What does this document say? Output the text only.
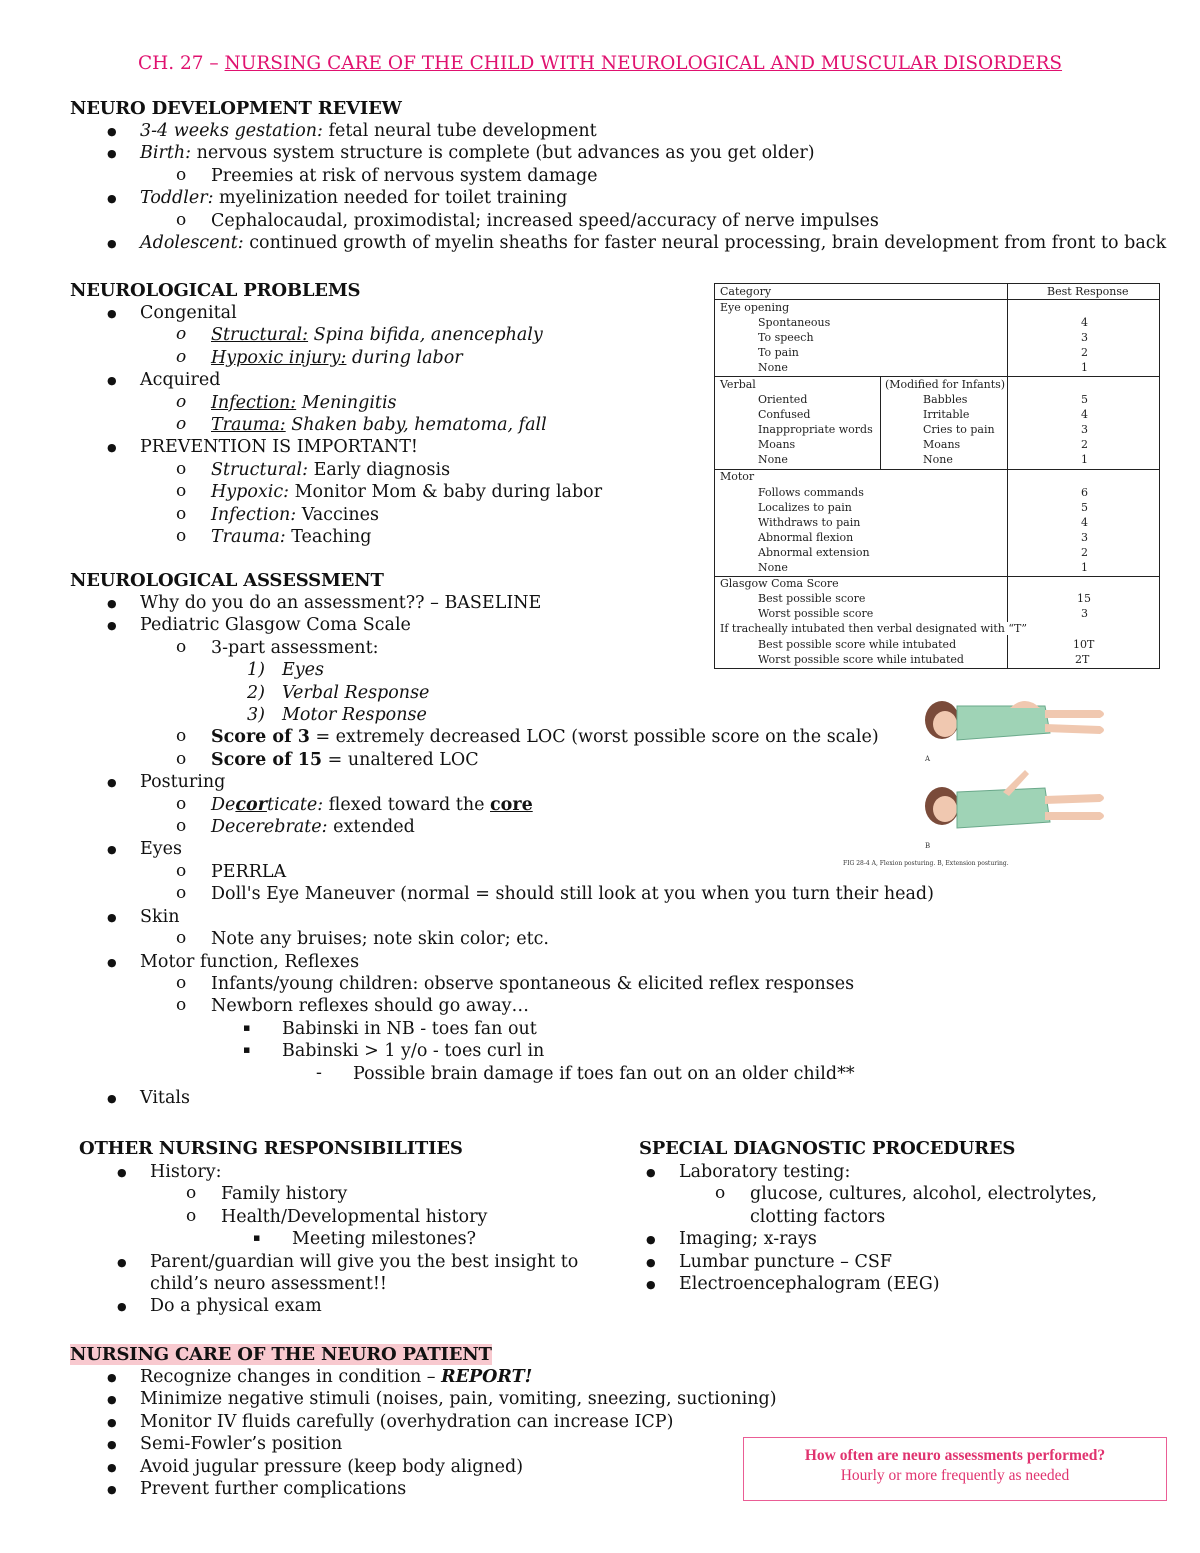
CH. 27 – NURSING CARE OF THE CHILD WITH NEUROLOGICAL AND MUSCULAR DISORDERS
NEURO DEVELOPMENT REVIEW
● 3-4 weeks gestation: fetal neural tube development
● Birth: nervous system structure is complete (but advances as you get older)
o Preemies at risk of nervous system damage
● Toddler: myelinization needed for toilet training
o Cephalocaudal, proximodistal; increased speed/accuracy of nerve impulses
● Adolescent: continued growth of myelin sheaths for faster neural processing, brain development from front to back
NEUROLOGICAL PROBLEMS
● Congenital
o Structural: Spina bifida, anencephaly
o Hypoxic injury: during labor
● Acquired
o Infection: Meningitis
o Trauma: Shaken baby, hematoma, fall
● PREVENTION IS IMPORTANT!
o Structural: Early diagnosis
o Hypoxic: Monitor Mom & baby during labor
o Infection: Vaccines
o Trauma: Teaching
NEUROLOGICAL ASSESSMENT
● Why do you do an assessment?? – BASELINE
● Pediatric Glasgow Coma Scale
o 3-part assessment:
1) Eyes
2) Verbal Response
3) Motor Response
o Score of 3 = extremely decreased LOC (worst possible score on the scale)
o Score of 15 = unaltered LOC
● Posturing
o Decorticate: flexed toward the core
o Decerebrate: extended
● Eyes
o PERRLA
o Doll's Eye Maneuver (normal = should still look at you when you turn their head)
● Skin
o Note any bruises; note skin color; etc.
● Motor function, Reflexes
o Infants/young children: observe spontaneous & elicited reflex responses
o Newborn reflexes should go away…
▪ Babinski in NB - toes fan out
▪ Babinski > 1 y/o - toes curl in
- Possible brain damage if toes fan out on an older child**
● Vitals
Category	Best Response
Eye opening
Spontaneous	4
To speech	3
To pain	2
None	1
Verbal	(Modified for Infants)
Oriented	Babbles	5
Confused	Irritable	4
Inappropriate words	Cries to pain	3
Moans	Moans	2
None	None	1
Motor
Follows commands	6
Localizes to pain	5
Withdraws to pain	4
Abnormal flexion	3
Abnormal extension	2
None	1
Glasgow Coma Score
Best possible score	15
Worst possible score	3
If tracheally intubated then verbal designated with “T”
Best possible score while intubated	10T
Worst possible score while intubated	2T
A
B
FIG 28-4 A, Flexion posturing. B, Extension posturing.
OTHER NURSING RESPONSIBILITIES
● History:
o Family history
o Health/Developmental history
▪ Meeting milestones?
● Parent/guardian will give you the best insight to
child’s neuro assessment!!
● Do a physical exam
SPECIAL DIAGNOSTIC PROCEDURES
● Laboratory testing:
o glucose, cultures, alcohol, electrolytes,
clotting factors
● Imaging; x-rays
● Lumbar puncture – CSF
● Electroencephalogram (EEG)
NURSING CARE OF THE NEURO PATIENT
● Recognize changes in condition – REPORT!
● Minimize negative stimuli (noises, pain, vomiting, sneezing, suctioning)
● Monitor IV fluids carefully (overhydration can increase ICP)
● Semi-Fowler’s position
● Avoid jugular pressure (keep body aligned)
● Prevent further complications
How often are neuro assessments performed?
Hourly or more frequently as needed
